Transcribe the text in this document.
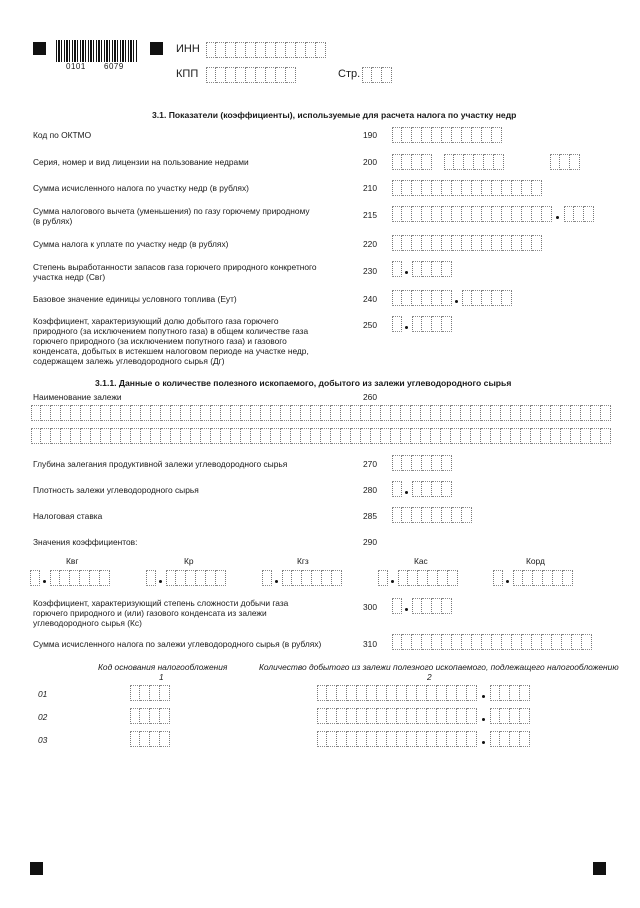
0101 6079
ИНН
КПП	Стр.
3.1. Показатели (коэффициенты), используемые для расчета налога по участку недр
Код по ОКТМО	190
Серия, номер и вид лицензии на пользование недрами	200
Сумма исчисленного налога по участку недр (в рублях)	210
Сумма налогового вычета (уменьшения) по газу горючему природному
(в рублях)
215
Сумма налога к уплате по участку недр (в рублях)	220
Степень выработанности запасов газа горючего природного конкретного
участка недр (Свг)
230
Базовое значение единицы условного топлива (Еут)	240
Коэффициент, характеризующий долю добытого газа горючего
природного (за исключением попутного газа) в общем количестве газа
горючего природного (за исключением попутного газа) и газового
конденсата, добытых в истекшем налоговом периоде на участке недр,
содержащем залежь углеводородного сырья (Дг)
250
3.1.1. Данные о количестве полезного ископаемого, добытого из залежи углеводородного сырья
Наименование залежи	260
Глубина залегания продуктивной залежи углеводородного сырья	270
Плотность залежи углеводородного сырья	280
Налоговая ставка	285
Значения коэффициентов:	290
Квг	Кр	Кгз	Кас	Корд
Коэффициент, характеризующий степень сложности добычи газа
горючего природного и (или) газового конденсата из залежи
углеводородного сырья (Кс)
300
Сумма исчисленного налога по залежи углеводородного сырья (в рублях)	310
Код основания налогообложения
1
Количество добытого из залежи полезного ископаемого, подлежащего налогообложению
2
01
02
03
